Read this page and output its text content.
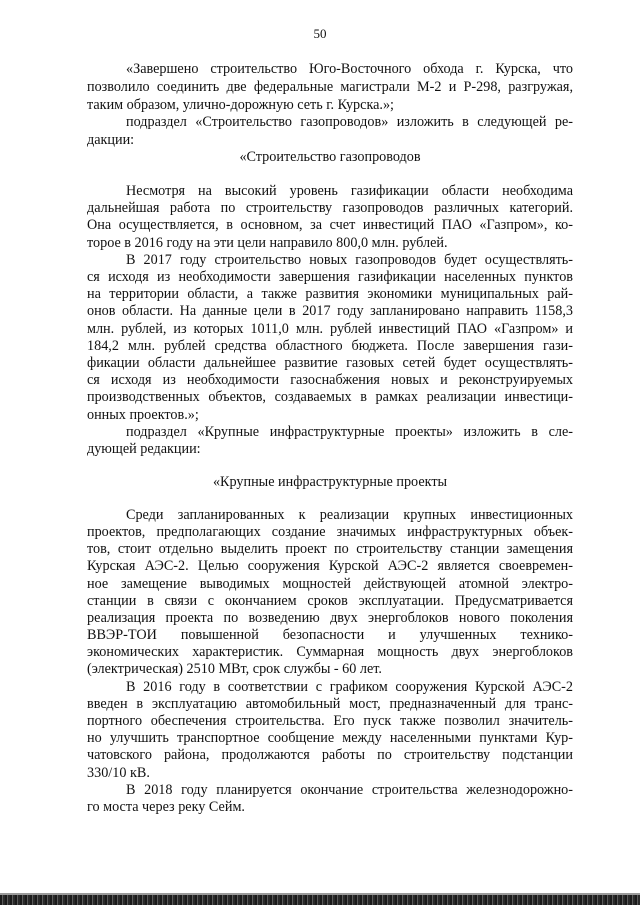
50
«Завершено строительство Юго-Восточного обхода г. Курска, что
позволило соединить две федеральные магистрали М-2 и Р-298, разгружая,
таким образом, улично-дорожную сеть г. Курска.»;
подраздел «Строительство газопроводов» изложить в следующей ре-
дакции:
«Строительство газопроводов
Несмотря на высокий уровень газификации области необходима
дальнейшая работа по строительству газопроводов различных категорий.
Она осуществляется, в основном, за счет инвестиций ПАО «Газпром», ко-
торое в 2016 году на эти цели направило 800,0 млн. рублей.
В 2017 году строительство новых газопроводов будет осуществлять-
ся исходя из необходимости завершения газификации населенных пунктов
на территории области, а также развития экономики муниципальных рай-
онов области. На данные цели в 2017 году запланировано направить 1158,3
млн. рублей, из которых 1011,0 млн. рублей инвестиций ПАО «Газпром» и
184,2 млн. рублей средства областного бюджета. После завершения гази-
фикации области дальнейшее развитие газовых сетей будет осуществлять-
ся исходя из необходимости газоснабжения новых и реконструируемых
производственных объектов, создаваемых в рамках реализации инвестици-
онных проектов.»;
подраздел «Крупные инфраструктурные проекты» изложить в сле-
дующей редакции:
«Крупные инфраструктурные проекты
Среди запланированных к реализации крупных инвестиционных
проектов, предполагающих создание значимых инфраструктурных объек-
тов, стоит отдельно выделить проект по строительству станции замещения
Курская АЭС-2. Целью сооружения Курской АЭС-2 является своевремен-
ное замещение выводимых мощностей действующей атомной электро-
станции в связи с окончанием сроков эксплуатации. Предусматривается
реализация проекта по возведению двух энергоблоков нового поколения
ВВЭР-ТОИ повышенной безопасности и улучшенных технико-
экономических характеристик. Суммарная мощность двух энергоблоков
(электрическая) 2510 МВт, срок службы - 60 лет.
В 2016 году в соответствии с графиком сооружения Курской АЭС-2
введен в эксплуатацию автомобильный мост, предназначенный для транс-
портного обеспечения строительства. Его пуск также позволил значитель-
но улучшить транспортное сообщение между населенными пунктами Кур-
чатовского района, продолжаются работы по строительству подстанции
330/10 кВ.
В 2018 году планируется окончание строительства железнодорожно-
го моста через реку Сейм.
